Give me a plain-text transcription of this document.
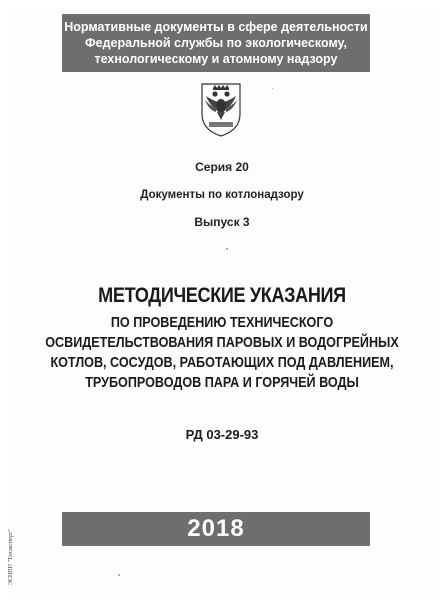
Нормативные документы в сфере деятельности
Федеральной службы по экологическому,
технологическому и атомному надзору
Серия 20
Документы по котлонадзору
Выпуск 3
МЕТОДИЧЕСКИЕ УКАЗАНИЯ
ПО ПРОВЕДЕНИЮ ТЕХНИЧЕСКОГО
ОСВИДЕТЕЛЬСТВОВАНИЯ ПАРОВЫХ И ВОДОГРЕЙНЫХ
КОТЛОВ, СОСУДОВ, РАБОТАЮЩИХ ПОД ДАВЛЕНИЕМ,
ТРУБОПРОВОДОВ ПАРА И ГОРЯЧЕЙ ВОДЫ
РД 03-29-93
2018
ЭСНПП "Техэксперт"
